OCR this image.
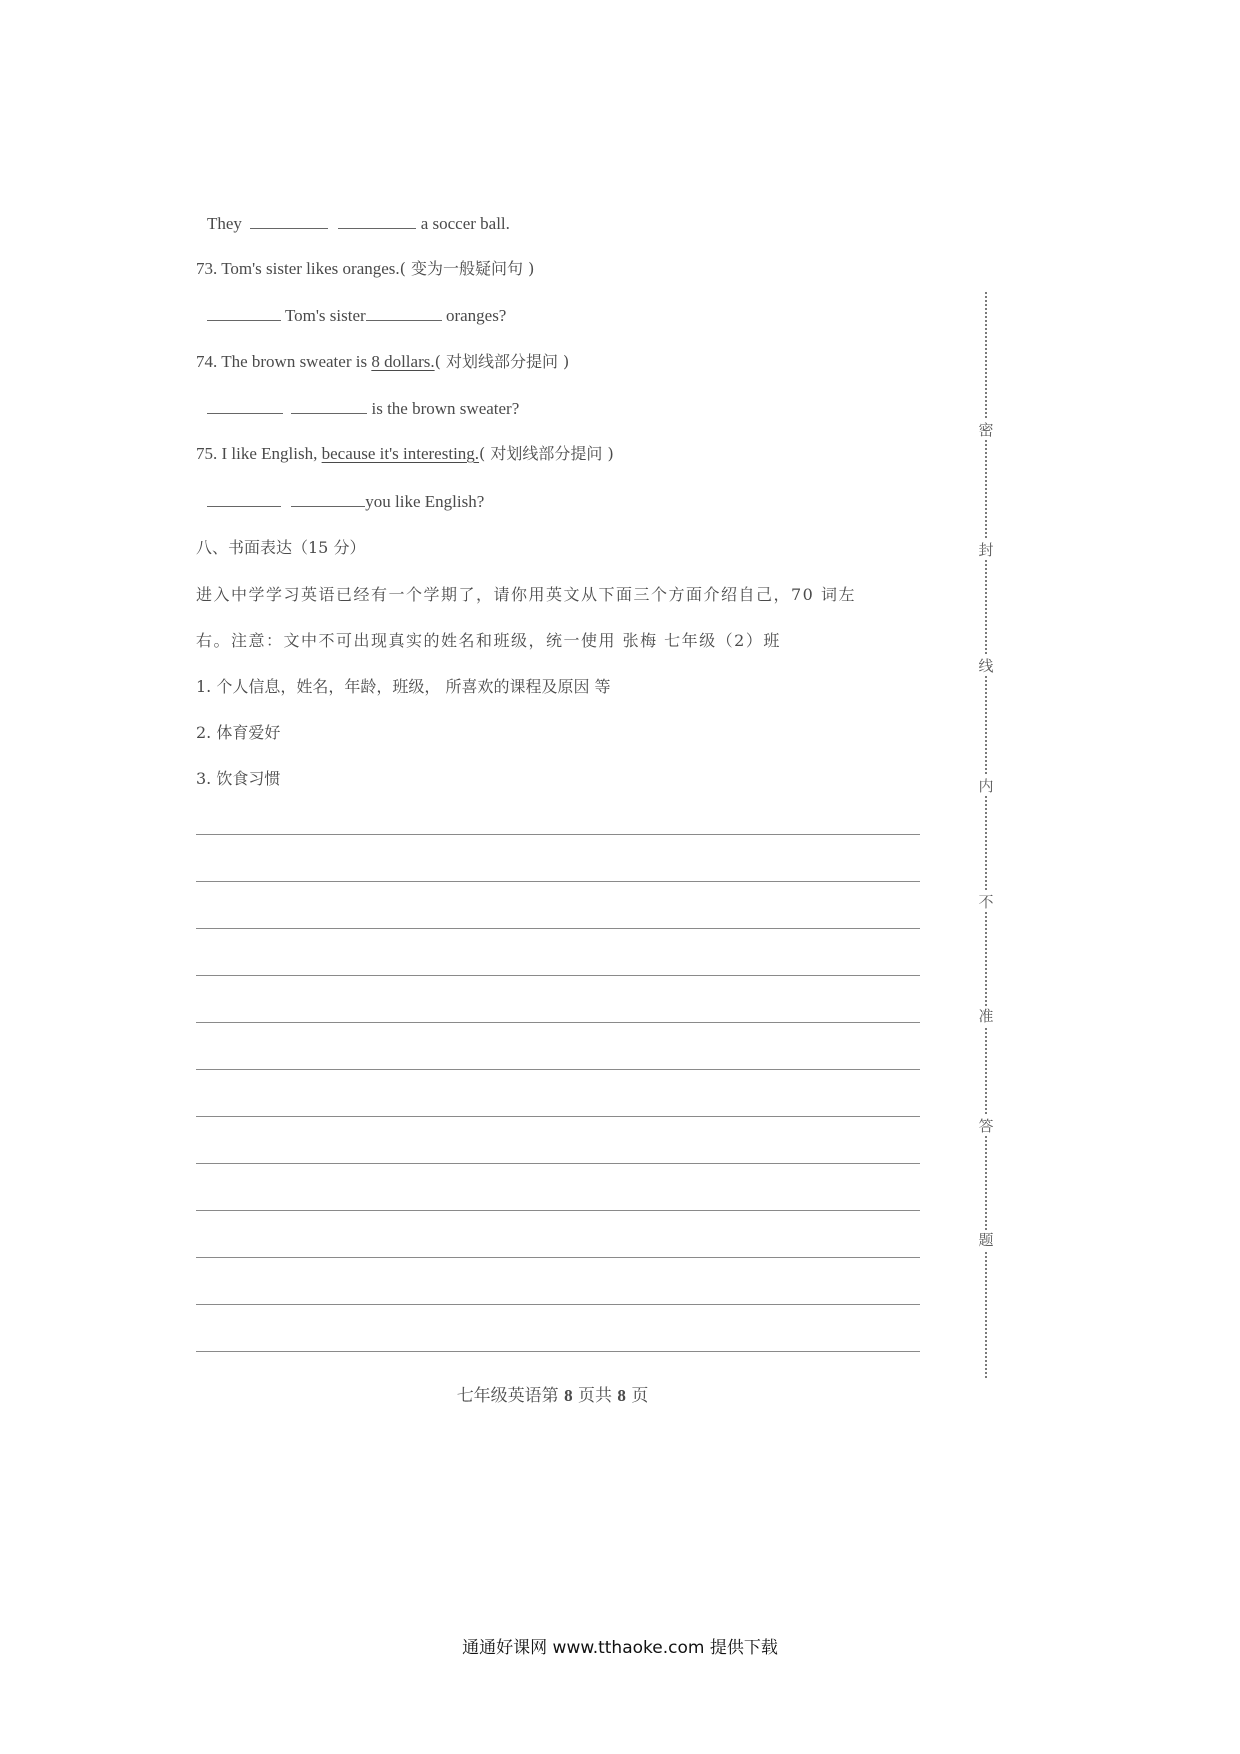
They	a soccer ball.
73. Tom's sister likes oranges.( 变为一般疑问句 )
Tom's sister	oranges?
74. The brown sweater is 8 dollars.( 对划线部分提问 )
is the brown sweater?
75. I like English, because it's interesting.( 对划线部分提问 )
you like English?
八、书面表达（15 分）
进入中学学习英语已经有一个学期了，请你用英文从下面三个方面介绍自己，70 词左
右。注意：文中不可出现真实的姓名和班级，统一使用 张梅 七年级（2）班
1. 个人信息，姓名，年龄，班级， 所喜欢的课程及原因 等
2. 体育爱好
3. 饮食习惯
密
封
线
内
不
准
答
题
七年级英语第 8 页共 8 页
通通好课网 www.tthaoke.com 提供下载
